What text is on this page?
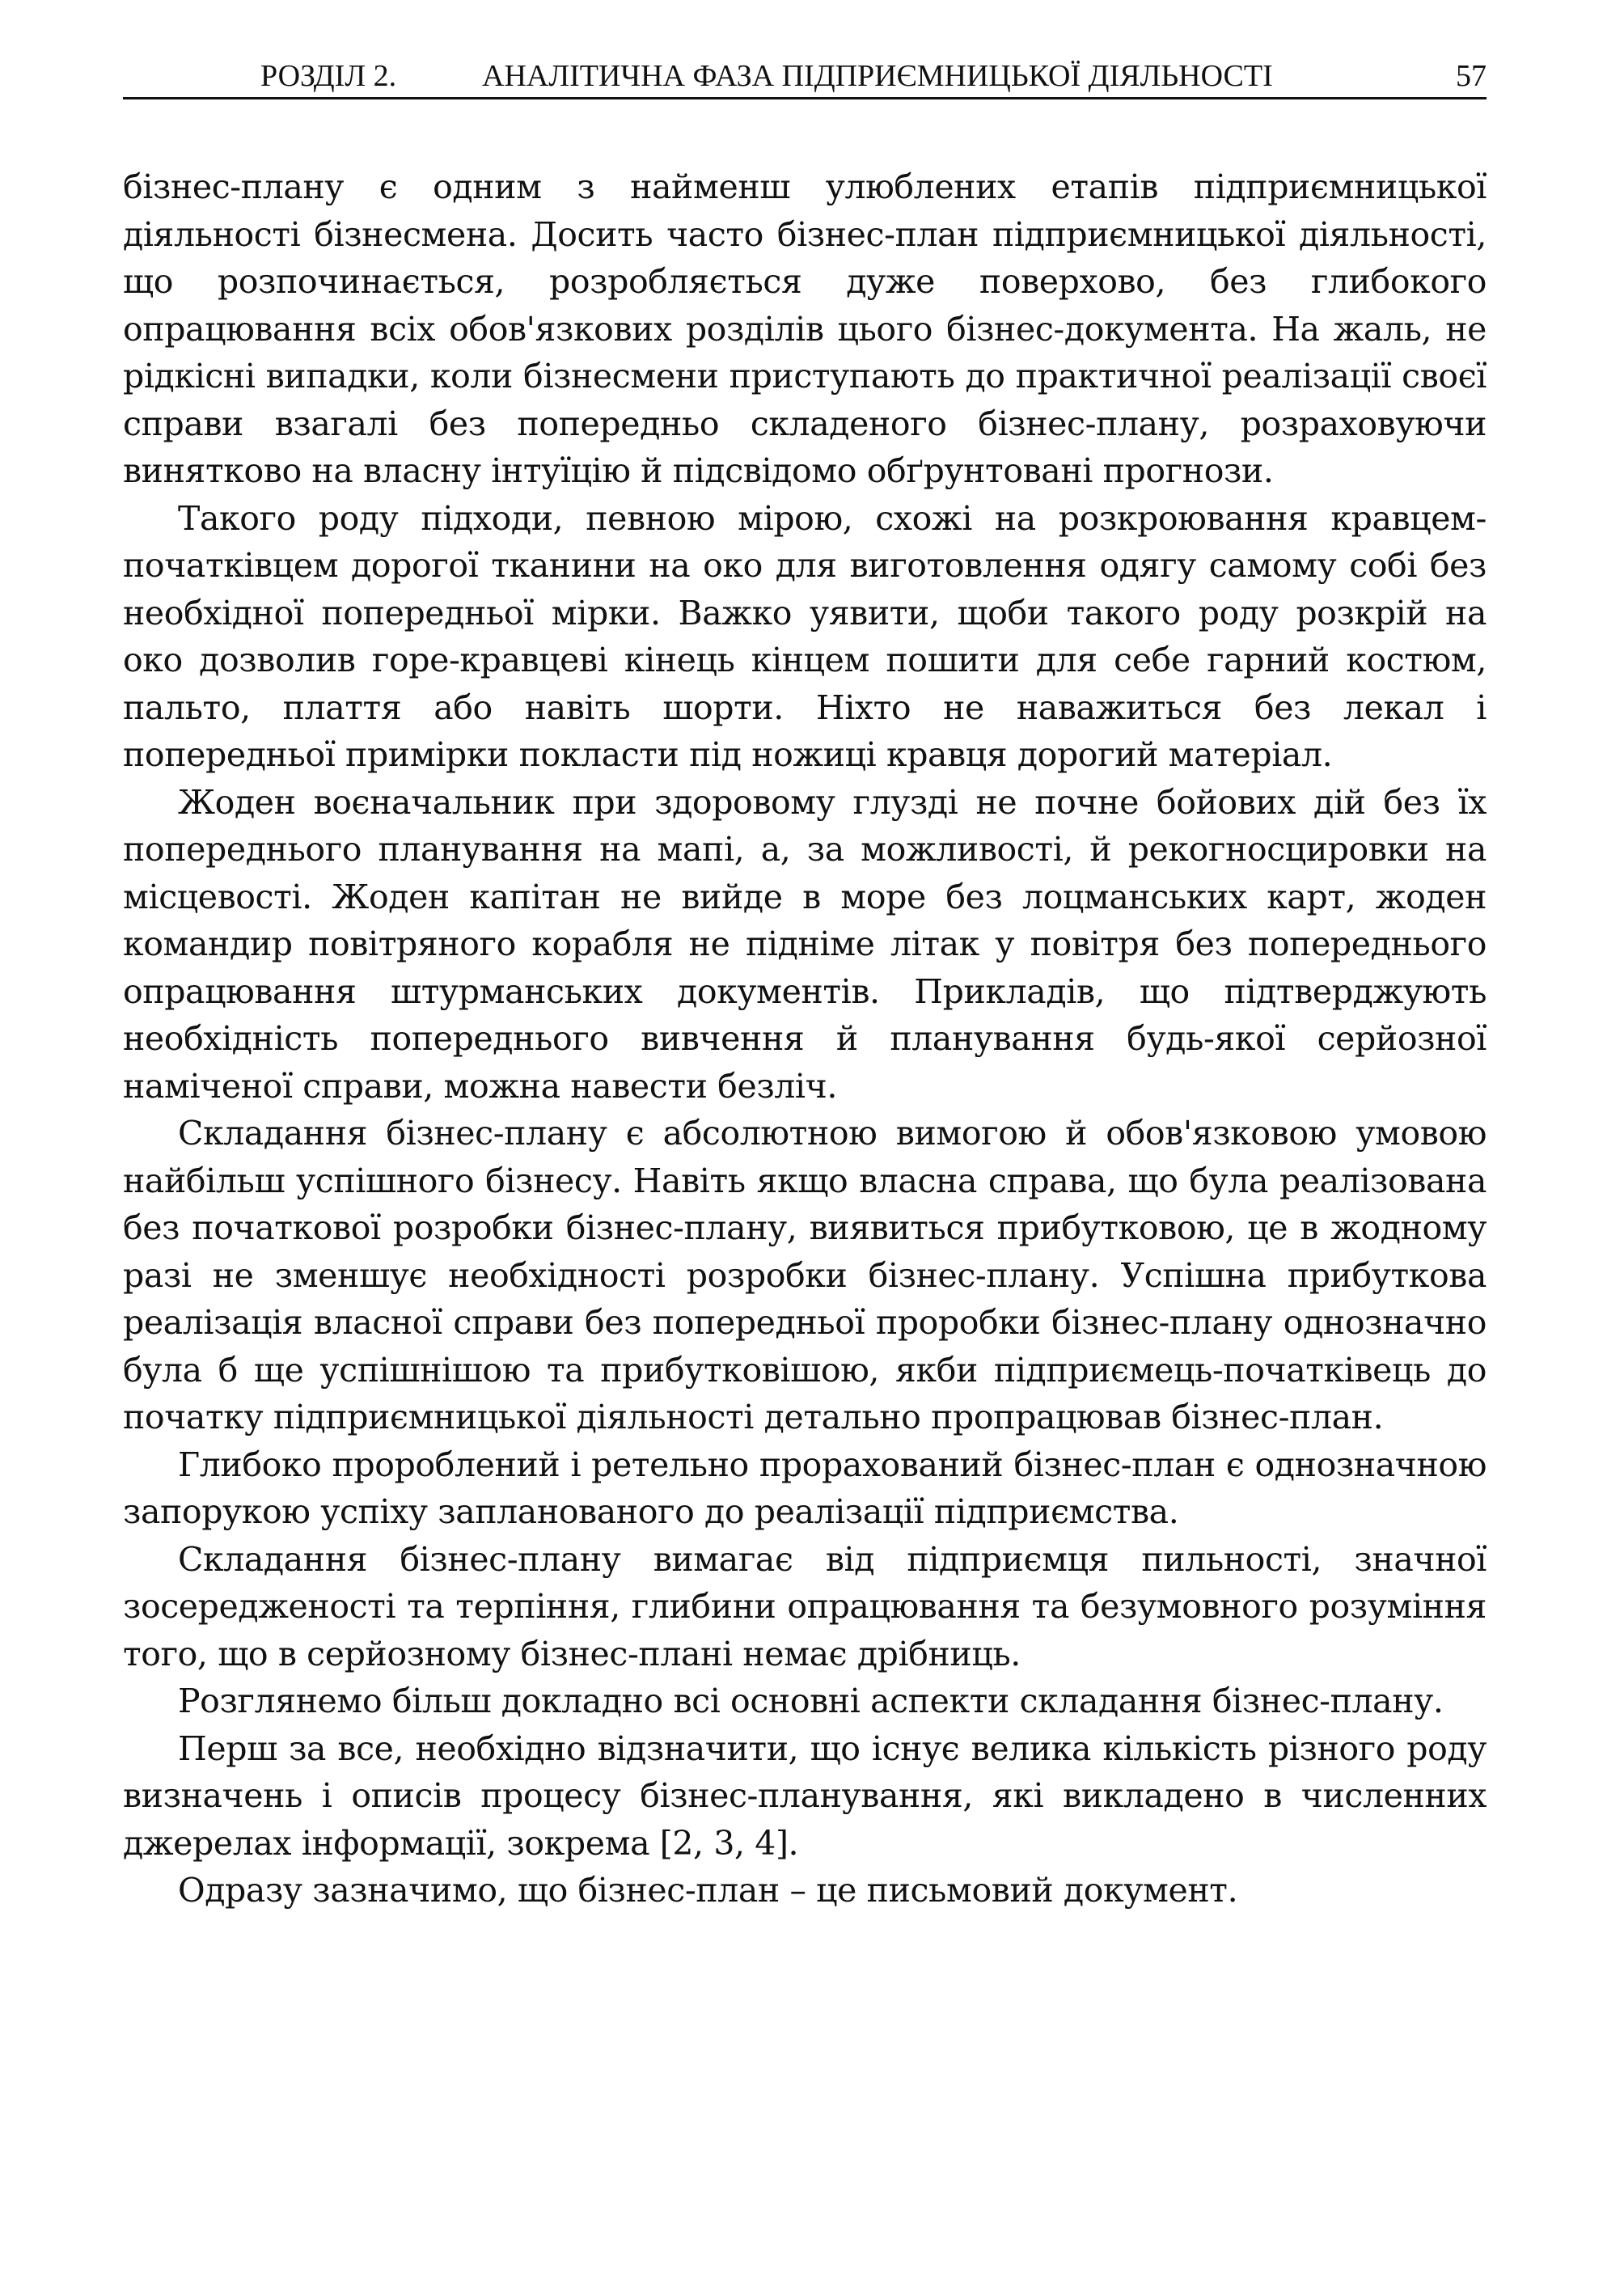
РОЗДІЛ 2.	АНАЛІТИЧНА ФАЗА ПІДПРИЄМНИЦЬКОЇ ДІЯЛЬНОСТІ	57

бізнес-плану є одним з найменш улюблених етапів підприємницької діяльності бізнесмена. Досить часто бізнес-план підприємницької діяльності, що розпочинається, розробляється дуже поверхово, без глибокого опрацювання всіх обов'язкових розділів цього бізнес-документа. На жаль, не рідкісні випадки, коли бізнесмени приступають до практичної реалізації своєї справи взагалі без попередньо складеного бізнес-плану, розраховуючи винятково на власну інтуїцію й підсвідомо обґрунтовані прогнози.

Такого роду підходи, певною мірою, схожі на розкроювання кравцем-початківцем дорогої тканини на око для виготовлення одягу самому собі без необхідної попередньої мірки. Важко уявити, щоби такого роду розкрій на око дозволив горе-кравцеві кінець кінцем пошити для себе гарний костюм, пальто, плаття або навіть шорти. Ніхто не наважиться без лекал і попередньої примірки покласти під ножиці кравця дорогий матеріал.

Жоден воєначальник при здоровому глузді не почне бойових дій без їх попереднього планування на мапі, а, за можливості, й рекогносцировки на місцевості. Жоден капітан не вийде в море без лоцманських карт, жоден командир повітряного корабля не підніме літак у повітря без попереднього опрацювання штурманських документів. Прикладів, що підтверджують необхідність попереднього вивчення й планування будь-якої серйозної наміченої справи, можна навести безліч.

Складання бізнес-плану є абсолютною вимогою й обов'язковою умовою найбільш успішного бізнесу. Навіть якщо власна справа, що була реалізована без початкової розробки бізнес-плану, виявиться прибутковою, це в жодному разі не зменшує необхідності розробки бізнес-плану. Успішна прибуткова реалізація власної справи без попередньої проробки бізнес-плану однозначно була б ще успішнішою та прибутковішою, якби підприємець-початківець до початку підприємницької діяльності детально пропрацював бізнес-план.

Глибоко пророблений і ретельно прорахований бізнес-план є однозначною запорукою успіху запланованого до реалізації підприємства.

Складання бізнес-плану вимагає від підприємця пильності, значної зосередженості та терпіння, глибини опрацювання та безумовного розуміння того, що в серйозному бізнес-плані немає дрібниць.

Розглянемо більш докладно всі основні аспекти складання бізнес-плану.

Перш за все, необхідно відзначити, що існує велика кількість різного роду визначень і описів процесу бізнес-планування, які викладено в численних джерелах інформації, зокрема [2, 3, 4].

Одразу зазначимо, що бізнес-план – це письмовий документ.
